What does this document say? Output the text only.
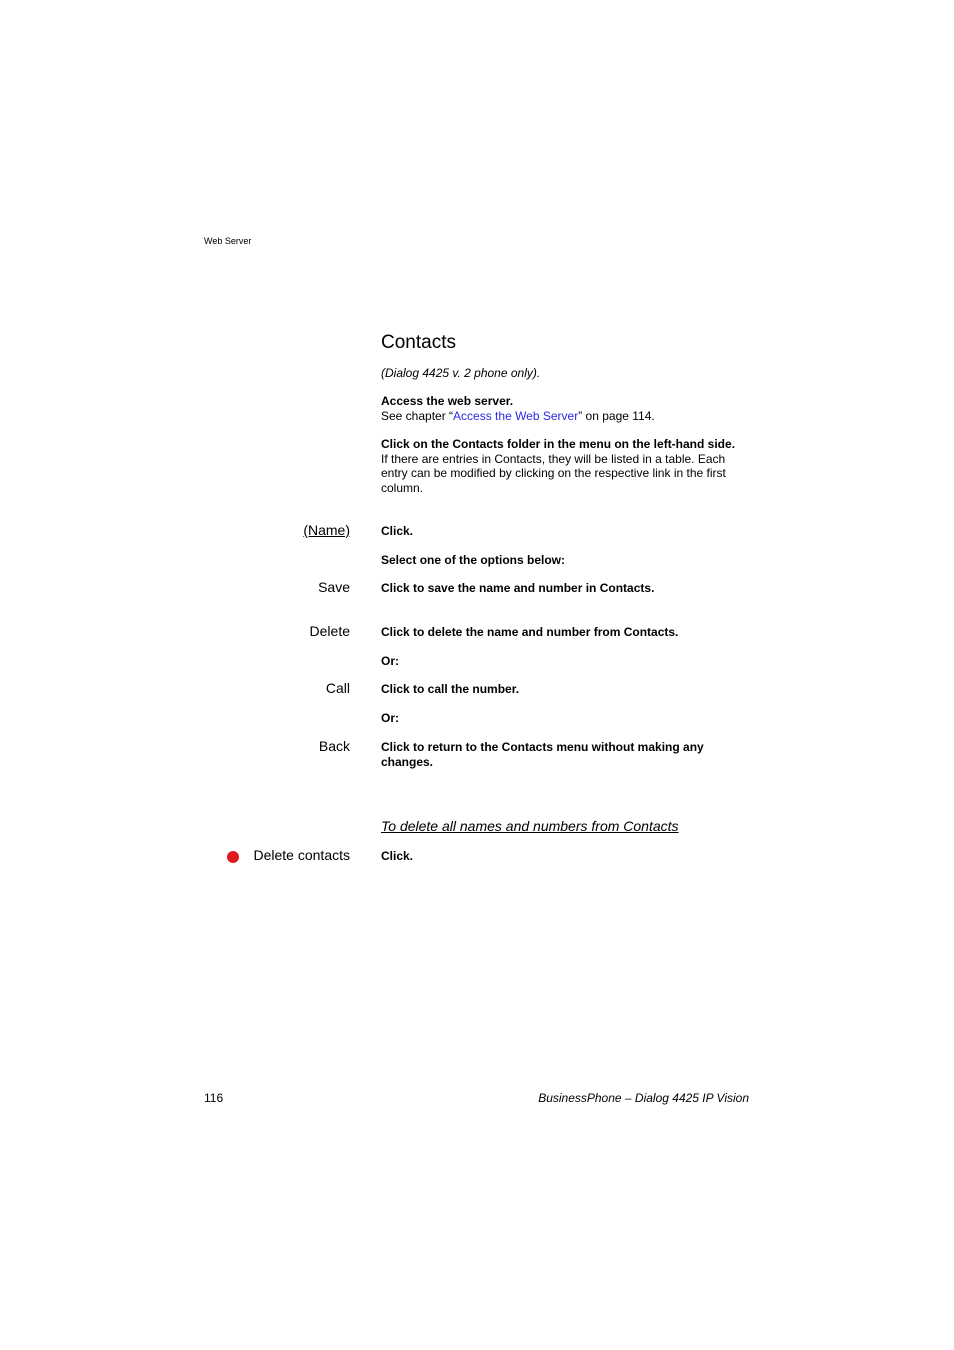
Web Server
Contacts
(Dialog 4425 v. 2 phone only).
Access the web server.
See chapter “Access the Web Server” on page 114.
Click on the Contacts folder in the menu on the left-hand side.
If there are entries in Contacts, they will be listed in a table. Each entry can be modified by clicking on the respective link in the first column.
(Name)	Click.
Select one of the options below:
Save	Click to save the name and number in Contacts.
Delete	Click to delete the name and number from Contacts.
Or:
Call	Click to call the number.
Or:
Back	Click to return to the Contacts menu without making any changes.
To delete all names and numbers from Contacts
Delete contacts	Click.
116	BusinessPhone – Dialog 4425 IP Vision
